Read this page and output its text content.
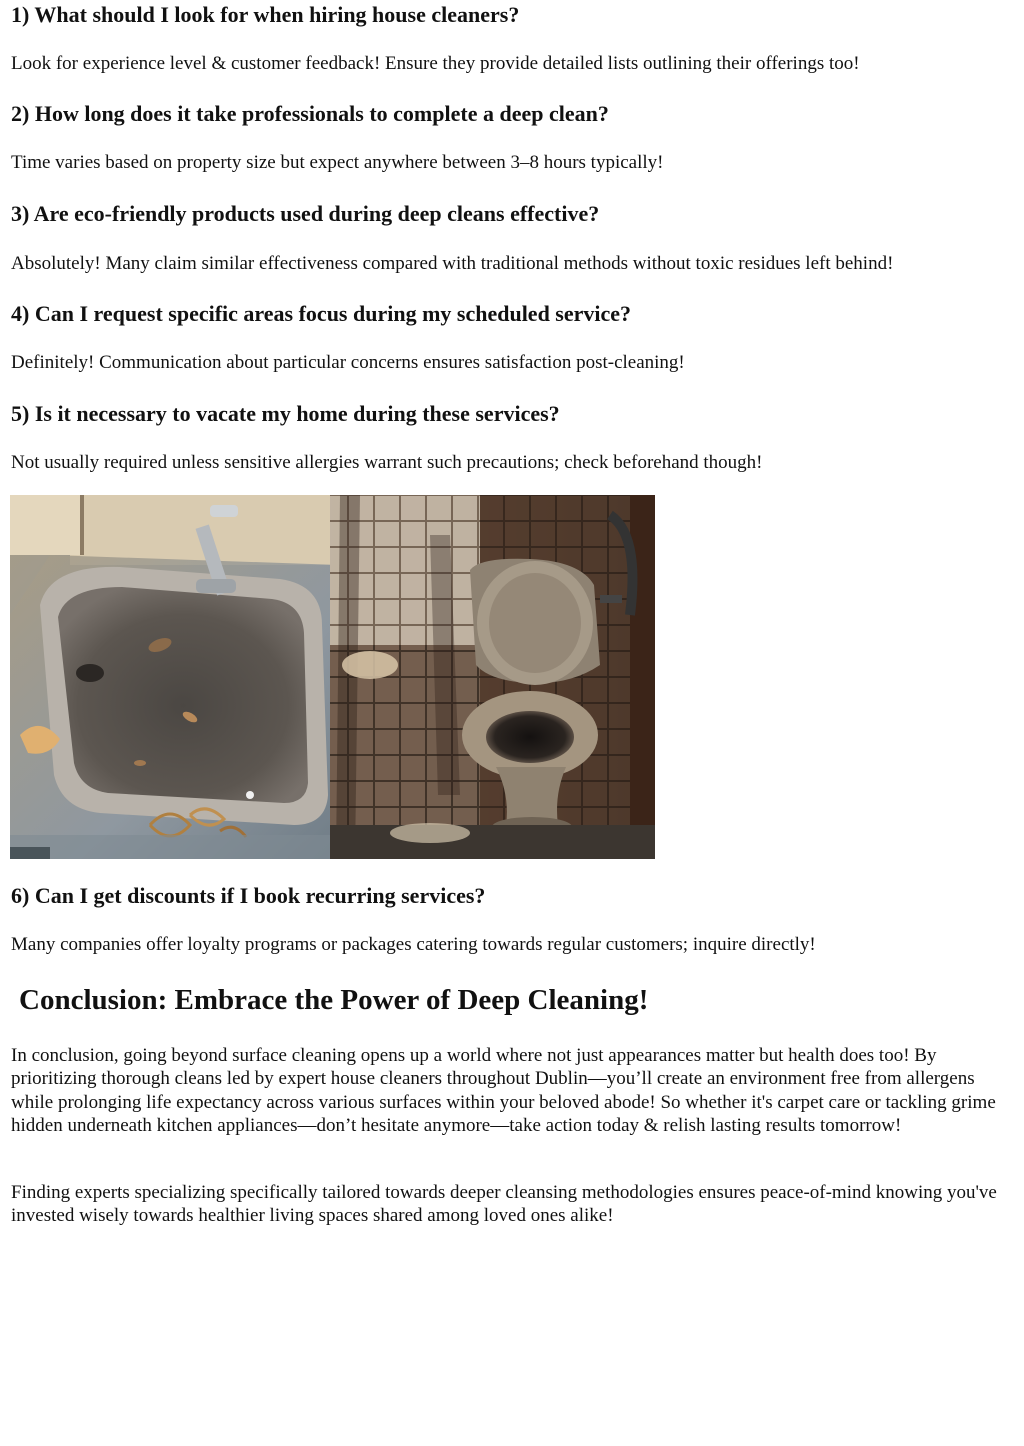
1) What should I look for when hiring house cleaners?

Look for experience level & customer feedback! Ensure they provide detailed lists outlining their offerings too!

2) How long does it take professionals to complete a deep clean?

Time varies based on property size but expect anywhere between 3–8 hours typically!

3) Are eco-friendly products used during deep cleans effective?

Absolutely! Many claim similar effectiveness compared with traditional methods without toxic residues left behind!

4) Can I request specific areas focus during my scheduled service?

Definitely! Communication about particular concerns ensures satisfaction post-cleaning!

5) Is it necessary to vacate my home during these services?

Not usually required unless sensitive allergies warrant such precautions; check beforehand though!

6) Can I get discounts if I book recurring services?

Many companies offer loyalty programs or packages catering towards regular customers; inquire directly!

Conclusion: Embrace the Power of Deep Cleaning!

In conclusion, going beyond surface cleaning opens up a world where not just appearances matter but health does too! By prioritizing thorough cleans led by expert house cleaners throughout Dublin—you’ll create an environment free from allergens while prolonging life expectancy across various surfaces within your beloved abode! So whether it's carpet care or tackling grime hidden underneath kitchen appliances—don’t hesitate anymore—take action today & relish lasting results tomorrow!

Finding experts specializing specifically tailored towards deeper cleansing methodologies ensures peace-of-mind knowing you've invested wisely towards healthier living spaces shared among loved ones alike!
